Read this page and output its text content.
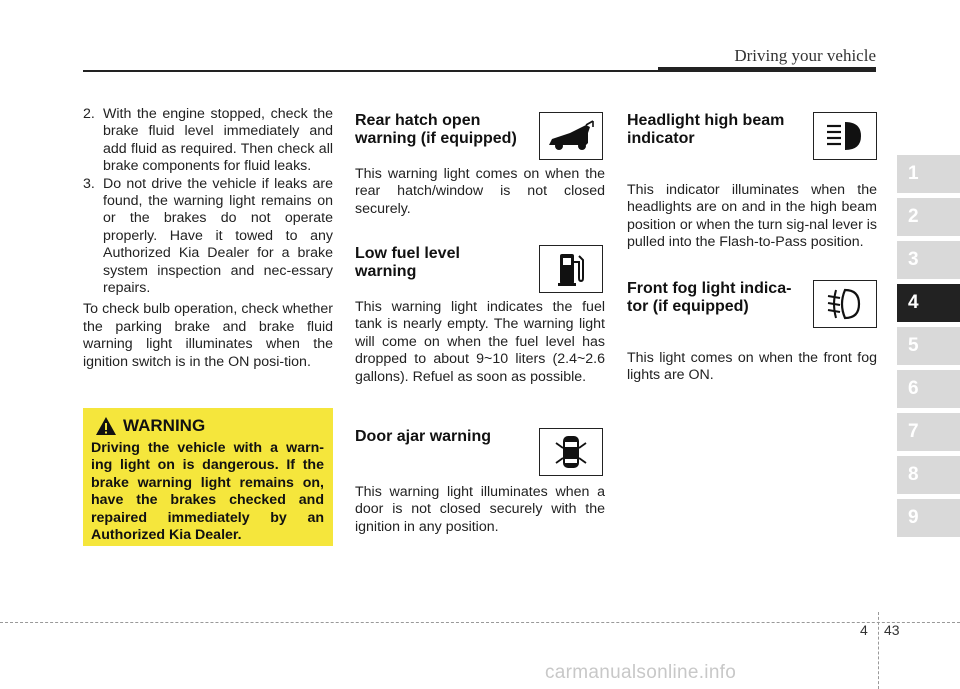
Driving your vehicle
2. With the engine stopped, check the brake fluid level immediately and add fluid as required. Then check all brake components for fluid leaks.
3. Do not drive the vehicle if leaks are found, the warning light remains on or the brakes do not operate properly. Have it towed to any Authorized Kia Dealer for a brake system inspection and nec-essary repairs.

To check bulb operation, check whether the parking brake and brake fluid warning light illuminates when the ignition switch is in the ON posi-tion.

WARNING

Driving the vehicle with a warn-ing light on is dangerous. If the brake warning light remains on, have the brakes checked and repaired immediately by an Authorized Kia Dealer.

Rear hatch open
warning (if equipped)

This warning light comes on when the rear hatch/window is not closed securely.

Low fuel level
warning

This warning light indicates the fuel tank is nearly empty. The warning light will come on when the fuel level has dropped to about 9~10 liters (2.4~2.6 gallons). Refuel as soon as possible.

Door ajar warning

This warning light illuminates when a door is not closed securely with the ignition in any position.

Headlight high beam
indicator

This indicator illuminates when the headlights are on and in the high beam position or when the turn sig-nal lever is pulled into the Flash-to-Pass position.

Front fog light indica-
tor (if equipped)

This light comes on when the front fog lights are ON.

1
2
3
4
5
6
7
8
9
4 43
carmanualsonline.info
